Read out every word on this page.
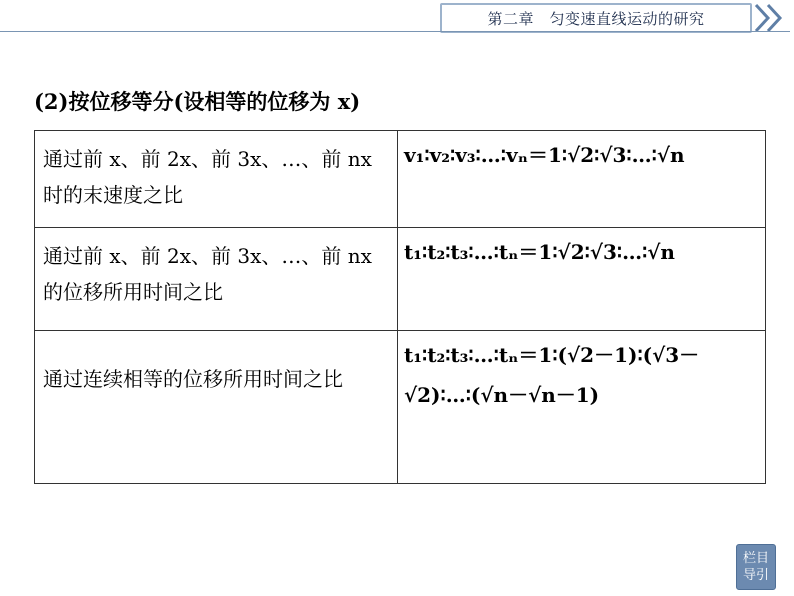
第二章　匀变速直线运动的研究
(2)按位移等分(设相等的位移为 x)
通过前 x、前 2x、前 3x、…、前 nx 时的末速度之比	v₁∶v₂∶v₃∶…∶vₙ＝1∶√2∶√3∶…∶√n

通过前 x、前 2x、前 3x、…、前 nx 的位移所用时间之比	t₁∶t₂∶t₃∶…∶tₙ＝1∶√2∶√3∶…∶√n

通过连续相等的位移所用时间之比	t₁∶t₂∶t₃∶…∶tₙ＝1∶(√2－1)∶(√3－√2)∶…∶(√n－√n－1)
栏目
导引
